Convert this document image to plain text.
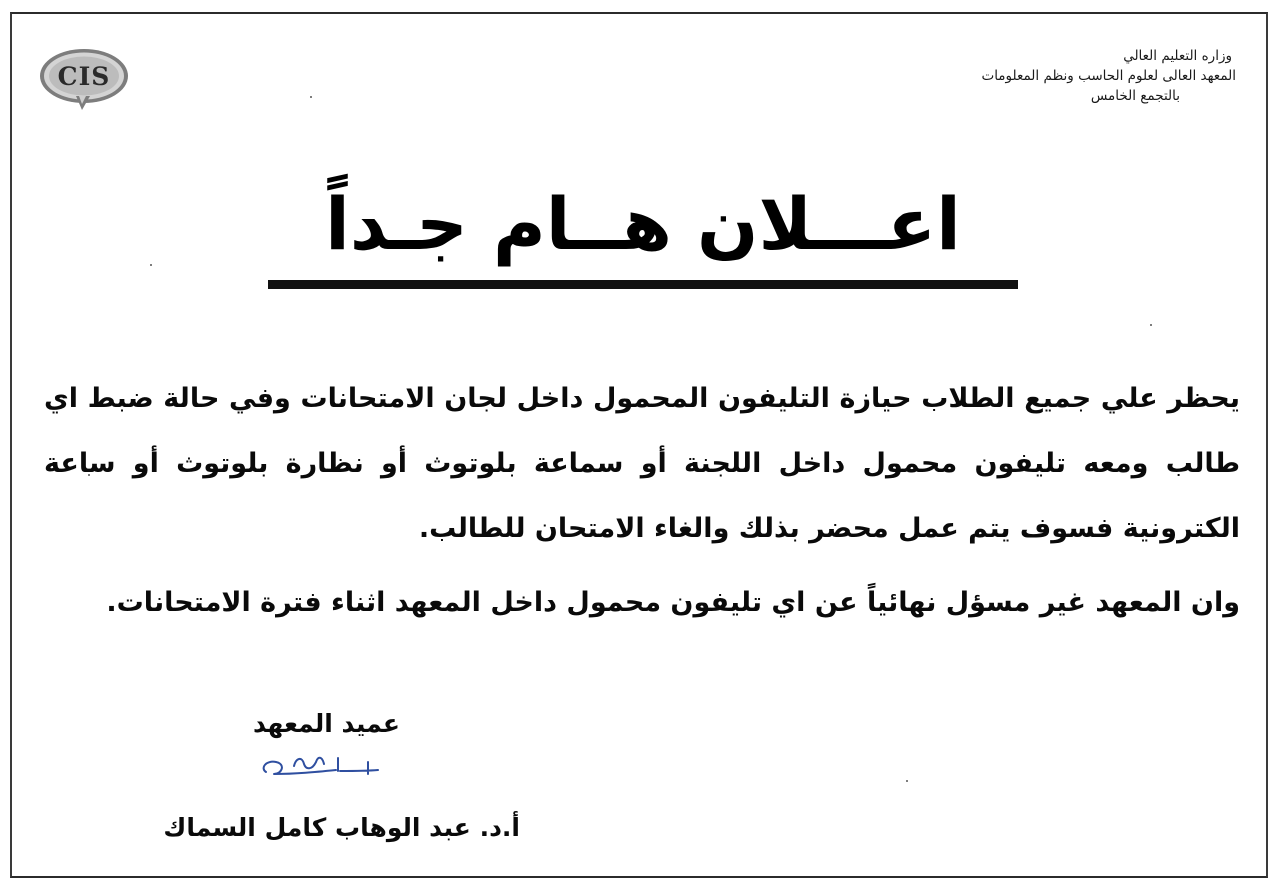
CIS
وزاره التعليم العالي
المعهد العالى لعلوم الحاسب ونظم المعلومات
بالتجمع الخامس
اعـــلان هــام جـداً
يحظر علي جميع الطلاب حيازة التليفون المحمول داخل لجان الامتحانات وفي حالة ضبط اي طالب ومعه تليفون محمول داخل اللجنة أو سماعة بلوتوث أو نظارة بلوتوث أو ساعة الكترونية فسوف يتم عمل محضر بذلك والغاء الامتحان للطالب.
وان المعهد غير مسؤل نهائياً عن اي تليفون محمول داخل المعهد اثناء فترة الامتحانات.
عميد المعهد
أ.د. عبد الوهاب كامل السماك
